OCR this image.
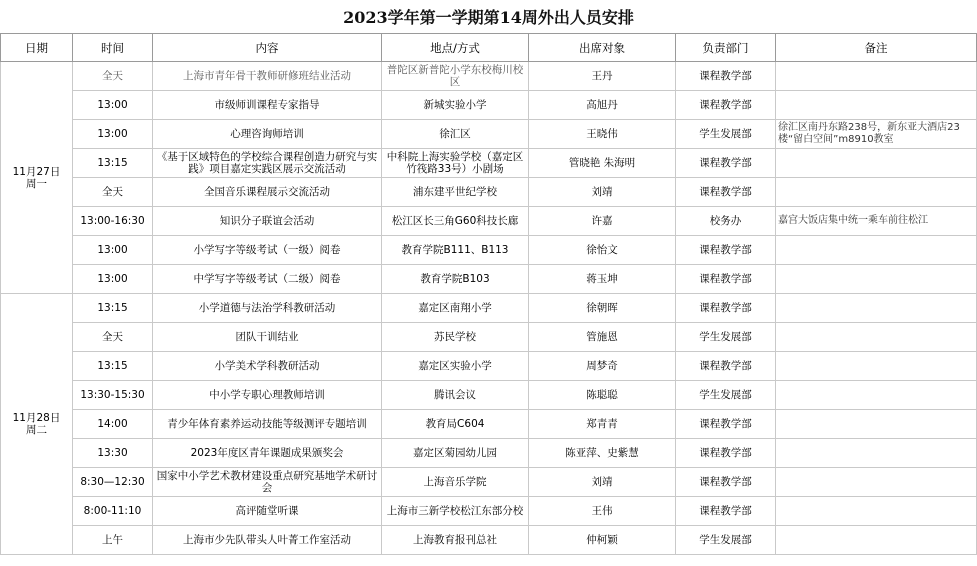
2023学年第一学期第14周外出人员安排
日期	时间	内容	地点/方式	出席对象	负责部门	备注

11月27日
周一	全天	上海市青年骨干教师研修班结业活动	普陀区新普陀小学东校梅川校区	王丹	课程教学部	
	13:00	市级师训课程专家指导	新城实验小学	高旭丹	课程教学部	
	13:00	心理咨询师培训	徐汇区	王晓伟	学生发展部	徐汇区南丹东路238号，新东亚大酒店23楼“留白空间”m8910教室
	13:15	《基于区域特色的学校综合课程创造力研究与实践》项目嘉定实践区展示交流活动	中科院上海实验学校（嘉定区竹筏路33号）小剧场	管晓艳 朱海明	课程教学部	
	全天	全国音乐课程展示交流活动	浦东建平世纪学校	刘靖	课程教学部	
	13:00-16:30	知识分子联谊会活动	松江区长三角G60科技长廊	许嘉	校务办	嘉宫大饭店集中统一乘车前往松江
	13:00	小学写字等级考试（一级）阅卷	教育学院B111、B113	徐怡文	课程教学部	
	13:00	中学写字等级考试（二级）阅卷	教育学院B103	蒋玉坤	课程教学部	

11月28日
周二	13:15	小学道德与法治学科教研活动	嘉定区南翔小学	徐朝晖	课程教学部	
	全天	团队干训结业	苏民学校	管施恩	学生发展部	
	13:15	小学美术学科教研活动	嘉定区实验小学	周梦奇	课程教学部	
	13:30-15:30	中小学专职心理教师培训	腾讯会议	陈聪聪	学生发展部	
	14:00	青少年体育素养运动技能等级测评专题培训	教育局C604	郑青青	课程教学部	
	13:30	2023年度区青年课题成果颁奖会	嘉定区菊园幼儿园	陈亚萍、史紫慧	课程教学部	
	8:30—12:30	国家中小学艺术教材建设重点研究基地学术研讨会	上海音乐学院	刘靖	课程教学部	
	8:00-11:10	高评随堂听课	上海市三新学校松江东部分校	王伟	课程教学部	
	上午	上海市少先队带头人叶菁工作室活动	上海教育报刊总社	仲柯颖	学生发展部	
